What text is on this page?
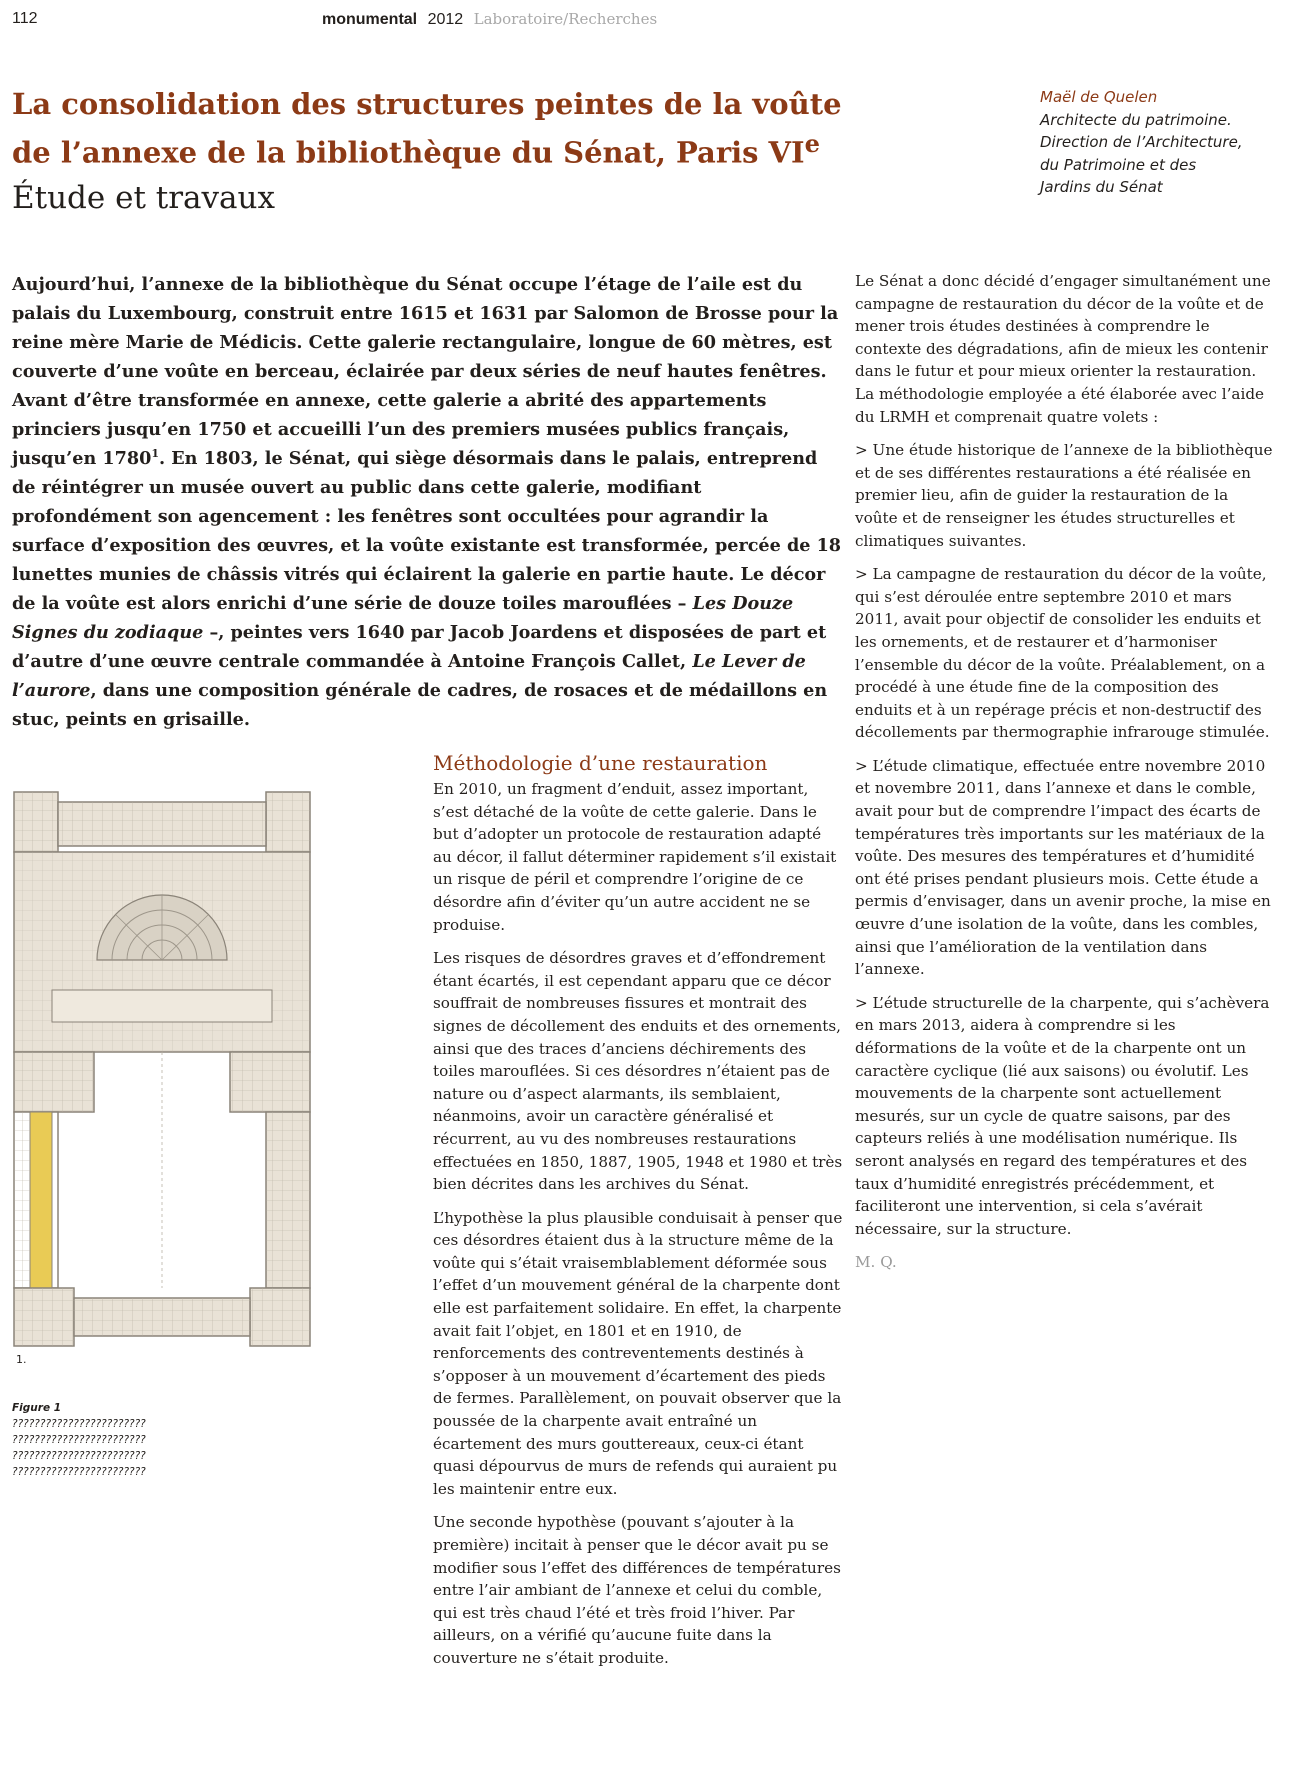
112	monumental 2012 Laboratoire/Recherches
La consolidation des structures peintes de la voûte
de l’annexe de la bibliothèque du Sénat, Paris VIe
Étude et travaux
Maël de Quelen
Architecte du patrimoine.
Direction de l’Architecture,
du Patrimoine et des
Jardins du Sénat

Aujourd’hui, l’annexe de la bibliothèque du Sénat occupe l’étage de l’aile est du palais du Luxembourg, construit entre 1615 et 1631 par Salomon de Brosse pour la reine mère Marie de Médicis. Cette galerie rectangulaire, longue de 60 mètres, est couverte d’une voûte en berceau, éclairée par deux séries de neuf hautes fenêtres. Avant d’être transformée en annexe, cette galerie a abrité des appartements princiers jusqu’en 1750 et accueilli l’un des premiers musées publics français, jusqu’en 1780$^1$. En 1803, le Sénat, qui siège désormais dans le palais, entreprend de réintégrer un musée ouvert au public dans cette galerie, modifiant profondément son agencement : les fenêtres sont occultées pour agrandir la surface d’exposition des œuvres, et la voûte existante est transformée, percée de 18 lunettes munies de châssis vitrés qui éclairent la galerie en partie haute. Le décor de la voûte est alors enrichi d’une série de douze toiles marouflées – Les Douze Signes du zodiaque –, peintes vers 1640 par Jacob Joardens et disposées de part et d’autre d’une œuvre centrale commandée à Antoine François Callet, Le Lever de l’aurore, dans une composition générale de cadres, de rosaces et de médaillons en stuc, peints en grisaille.

Méthodologie d’une restauration

En 2010, un fragment d’enduit, assez important, s’est détaché de la voûte de cette galerie. Dans le but d’adopter un protocole de restauration adapté au décor, il fallut déterminer rapidement s’il existait un risque de péril et comprendre l’origine de ce désordre afin d’éviter qu’un autre accident ne se produise.

Les risques de désordres graves et d’effondrement étant écartés, il est cependant apparu que ce décor souffrait de nombreuses fissures et montrait des signes de décollement des enduits et des ornements, ainsi que des traces d’anciens déchirements des toiles marouflées. Si ces désordres n’étaient pas de nature ou d’aspect alarmants, ils semblaient, néanmoins, avoir un caractère généralisé et récurrent, au vu des nombreuses restaurations effectuées en 1850, 1887, 1905, 1948 et 1980 et très bien décrites dans les archives du Sénat.

L’hypothèse la plus plausible conduisait à penser que ces désordres étaient dus à la structure même de la voûte qui s’était vraisemblablement déformée sous l’effet d’un mouvement général de la charpente dont elle est parfaitement solidaire. En effet, la charpente avait fait l’objet, en 1801 et en 1910, de renforcements des contreventements destinés à s’opposer à un mouvement d’écartement des pieds de fermes. Parallèlement, on pouvait observer que la poussée de la charpente avait entraîné un écartement des murs gouttereaux, ceux-ci étant quasi dépourvus de murs de refends qui auraient pu les maintenir entre eux.

Une seconde hypothèse (pouvant s’ajouter à la première) incitait à penser que le décor avait pu se modifier sous l’effet des différences de températures entre l’air ambiant de l’annexe et celui du comble, qui est très chaud l’été et très froid l’hiver. Par ailleurs, on a vérifié qu’aucune fuite dans la couverture ne s’était produite.

Le Sénat a donc décidé d’engager simultanément une campagne de restauration du décor de la voûte et de mener trois études destinées à comprendre le contexte des dégradations, afin de mieux les contenir dans le futur et pour mieux orienter la restauration. La méthodologie employée a été élaborée avec l’aide du LRMH et comprenait quatre volets :

> Une étude historique de l’annexe de la bibliothèque et de ses différentes restaurations a été réalisée en premier lieu, afin de guider la restauration de la voûte et de renseigner les études structurelles et climatiques suivantes.

> La campagne de restauration du décor de la voûte, qui s’est déroulée entre septembre 2010 et mars 2011, avait pour objectif de consolider les enduits et les ornements, et de restaurer et d’harmoniser l’ensemble du décor de la voûte. Préalablement, on a procédé à une étude fine de la composition des enduits et à un repérage précis et non-destructif des décollements par thermographie infrarouge stimulée.

> L’étude climatique, effectuée entre novembre 2010 et novembre 2011, dans l’annexe et dans le comble, avait pour but de comprendre l’impact des écarts de températures très importants sur les matériaux de la voûte. Des mesures des températures et d’humidité ont été prises pendant plusieurs mois. Cette étude a permis d’envisager, dans un avenir proche, la mise en œuvre d’une isolation de la voûte, dans les combles, ainsi que l’amélioration de la ventilation dans l’annexe.

> L’étude structurelle de la charpente, qui s’achèvera en mars 2013, aidera à comprendre si les déformations de la voûte et de la charpente ont un caractère cyclique (lié aux saisons) ou évolutif. Les mouvements de la charpente sont actuellement mesurés, sur un cycle de quatre saisons, par des capteurs reliés à une modélisation numérique. Ils seront analysés en regard des températures et des taux d’humidité enregistrés précédemment, et faciliteront une intervention, si cela s’avérait nécessaire, sur la structure.

M. Q.

1.
Figure 1
????????????????????????
????????????????????????
????????????????????????
????????????????????????
